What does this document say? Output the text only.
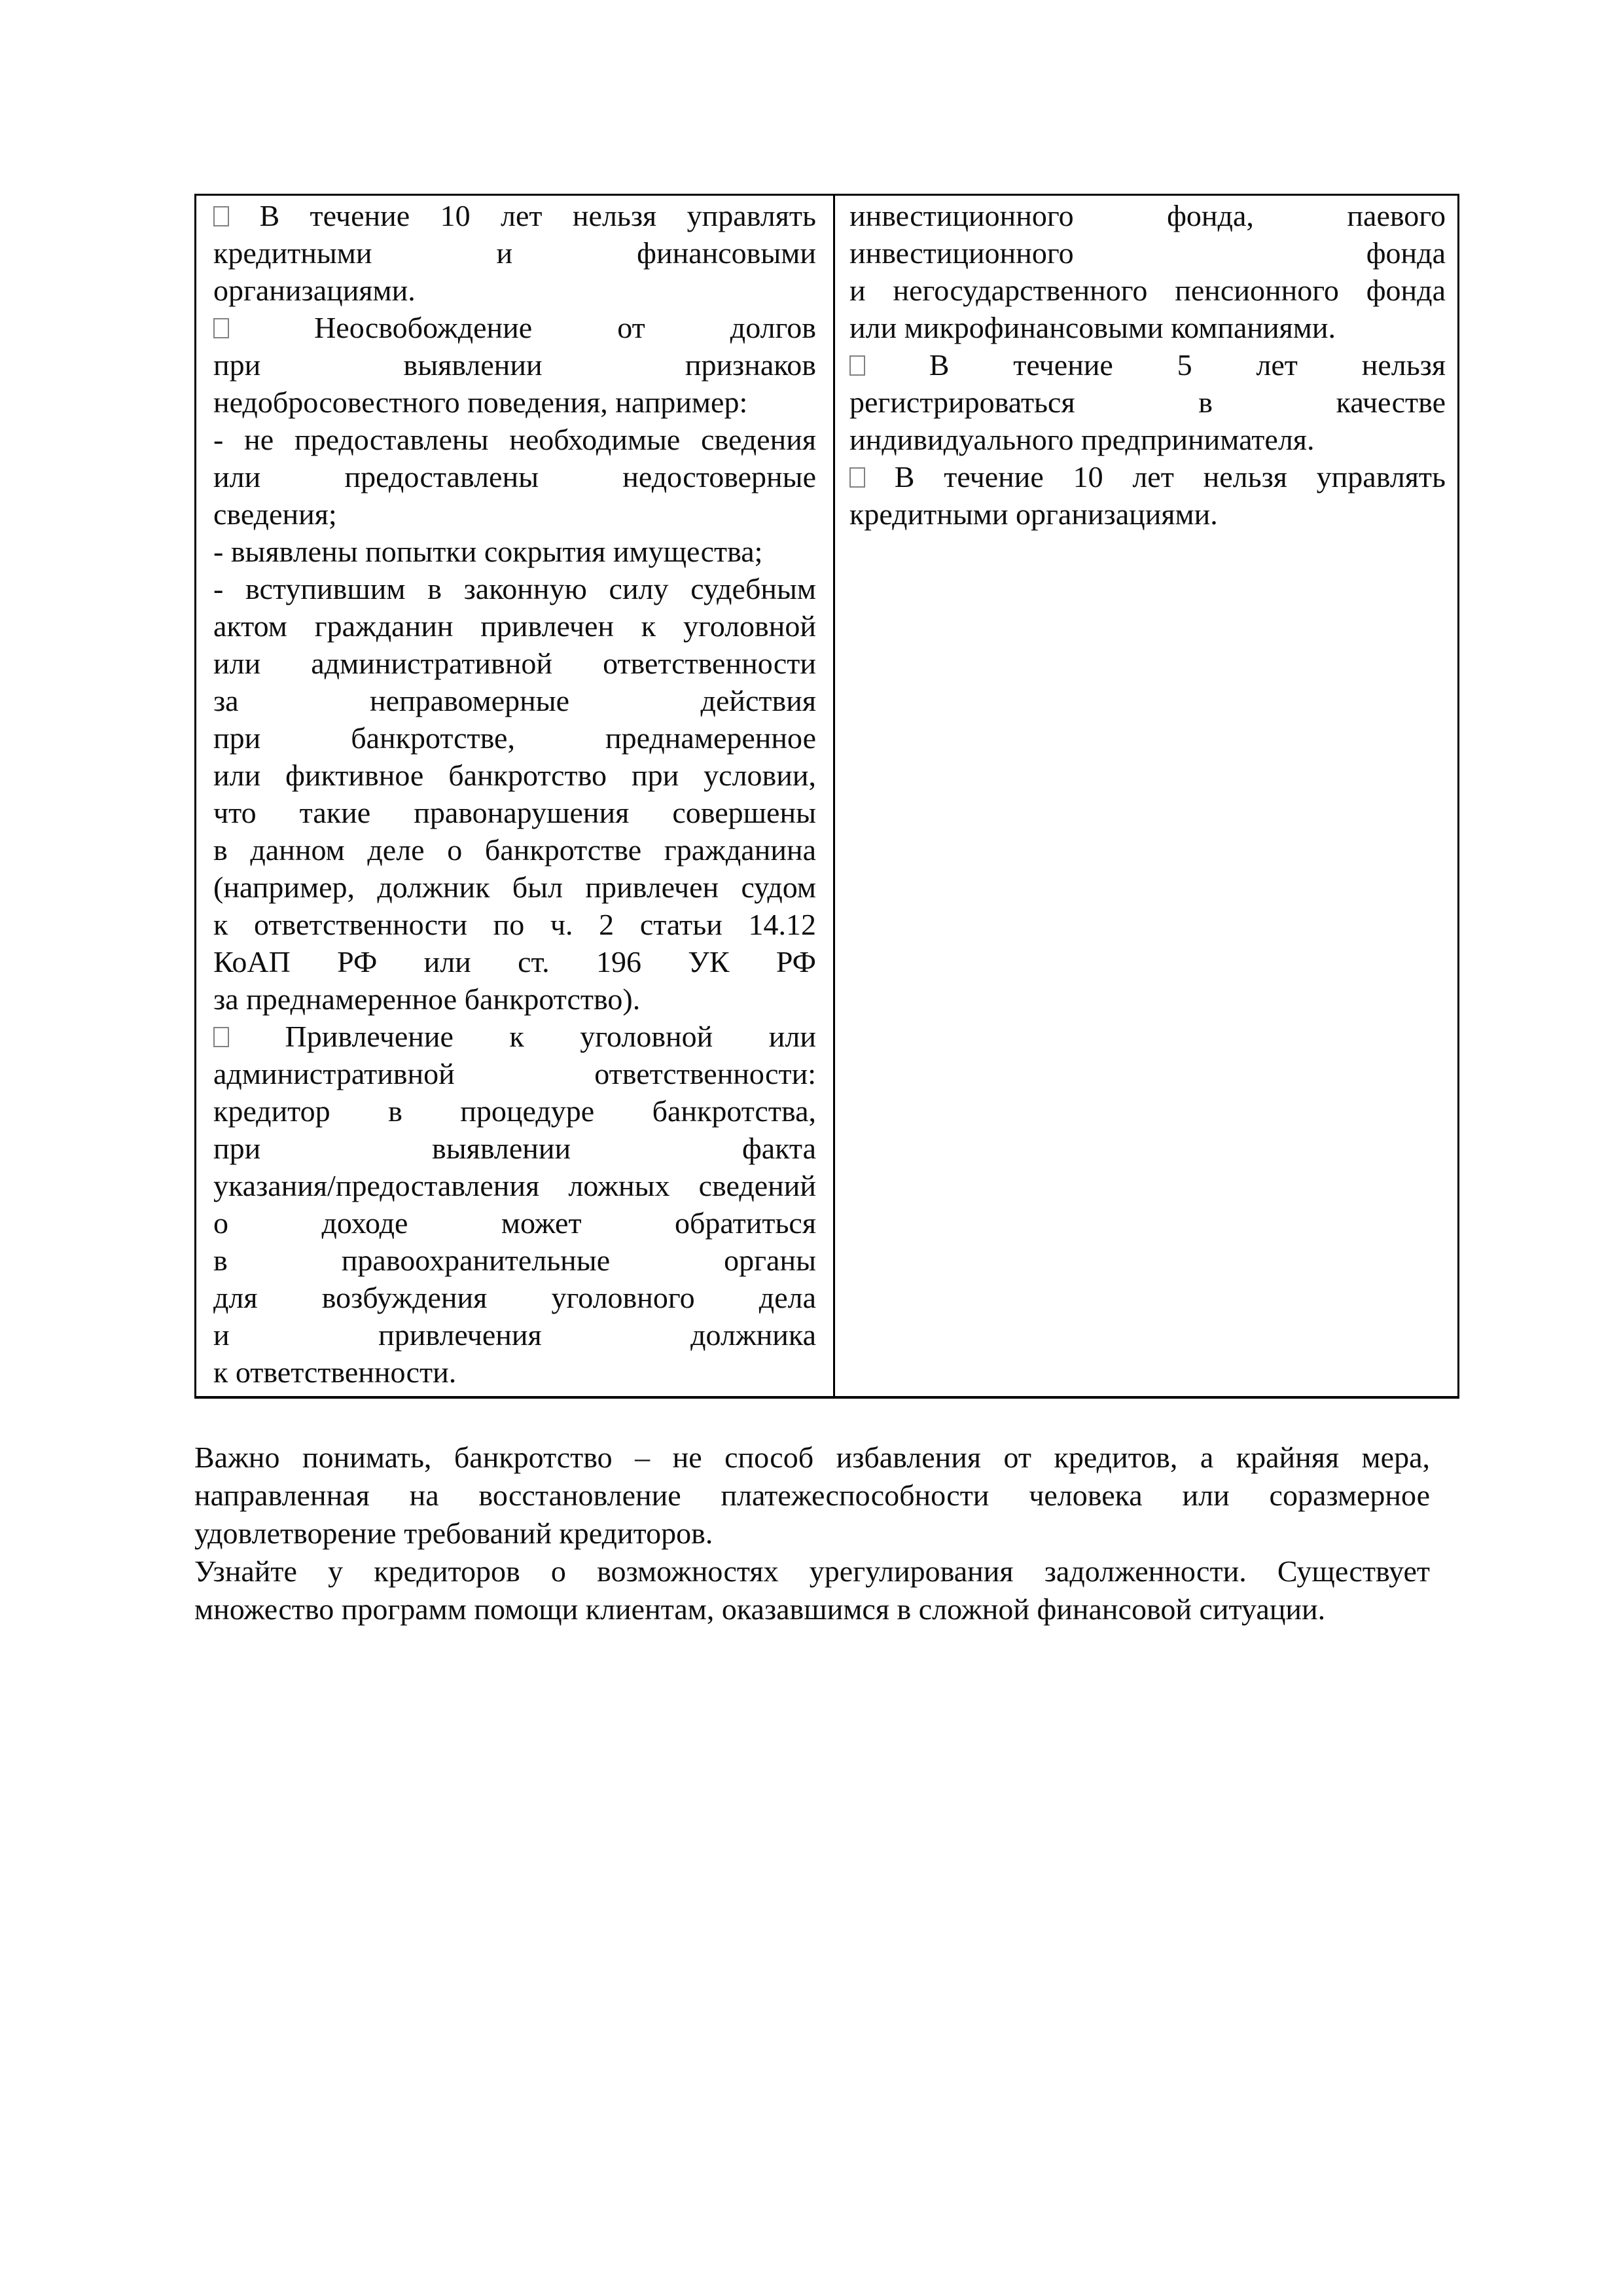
В течение 10 лет нельзя управлять
кредитными и финансовыми
организациями.
Неосвобождение от долгов
при выявлении признаков
недобросовестного поведения, например:
- не предоставлены необходимые сведения
или предоставлены недостоверные
сведения;
- выявлены попытки сокрытия имущества;
- вступившим в законную силу судебным
актом гражданин привлечен к уголовной
или административной ответственности
за неправомерные действия
при банкротстве, преднамеренное
или фиктивное банкротство при условии,
что такие правонарушения совершены
в данном деле о банкротстве гражданина
(например, должник был привлечен судом
к ответственности по ч. 2 статьи 14.12
КоАП РФ или ст. 196 УК РФ
за преднамеренное банкротство).
Привлечение к уголовной или
административной ответственности:
кредитор в процедуре банкротства,
при выявлении факта
указания/предоставления ложных сведений
о доходе может обратиться
в правоохранительные органы
для возбуждения уголовного дела
и привлечения должника
к ответственности.
инвестиционного фонда, паевого
инвестиционного фонда
и негосударственного пенсионного фонда
или микрофинансовыми компаниями.
В течение 5 лет нельзя
регистрироваться в качестве
индивидуального предпринимателя.
В течение 10 лет нельзя управлять
кредитными организациями.
Важно понимать, банкротство – не способ избавления от кредитов, а крайняя мера,
направленная на восстановление платежеспособности человека или соразмерное
удовлетворение требований кредиторов.
Узнайте у кредиторов о возможностях урегулирования задолженности. Существует
множество программ помощи клиентам, оказавшимся в сложной финансовой ситуации.
